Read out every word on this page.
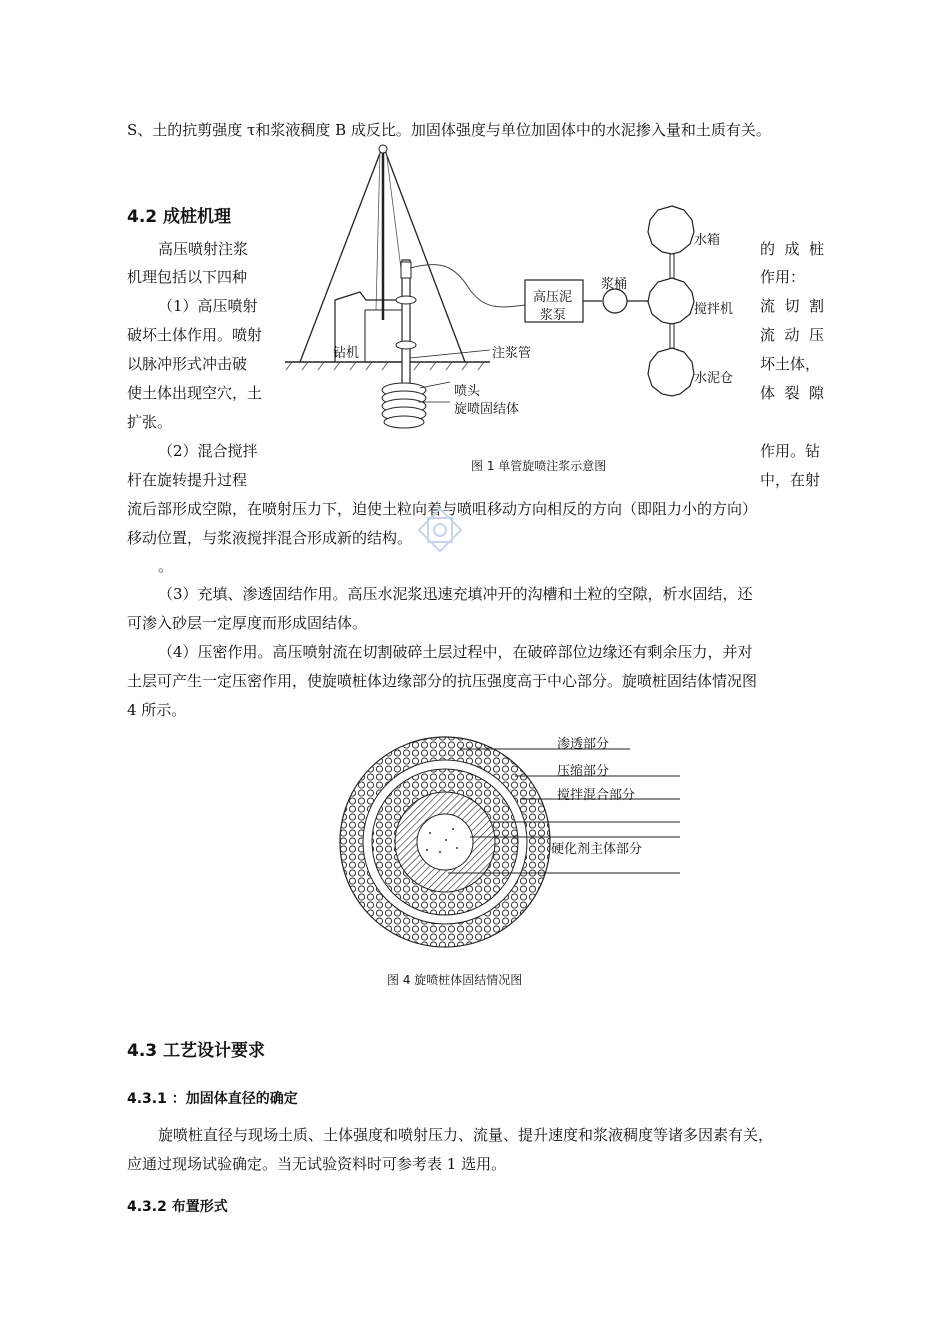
S、土的抗剪强度 τ和浆液稠度 B 成反比。加固体强度与单位加固体中的水泥掺入量和土质有关。
4.2 成桩机理
高压喷射注浆	的 成 桩
机理包括以下四种	作用：
（1）高压喷射	流 切 割
破坏土体作用。喷射	流 动 压
以脉冲形式冲击破	坏土体，
使土体出现空穴，土	体 裂 隙
扩张。
（2）混合搅拌	作用。钻
杆在旋转提升过程	中，在射
流后部形成空隙，在喷射压力下，迫使土粒向着与喷咀移动方向相反的方向（即阻力小的方向）
移动位置，与浆液搅拌混合形成新的结构。
。
（3）充填、渗透固结作用。高压水泥浆迅速充填冲开的沟槽和土粒的空隙，析水固结，还
可渗入砂层一定厚度而形成固结体。
（4）压密作用。高压喷射流在切割破碎土层过程中，在破碎部位边缘还有剩余压力，并对
土层可产生一定压密作用，使旋喷桩体边缘部分的抗压强度高于中心部分。旋喷桩固结体情况图
4 所示。
水箱
浆桶
高压泥
浆泵	搅拌机
水泥仓
钻机	注浆管
喷头
旋喷固结体
图 1 单管旋喷注浆示意图
渗透部分
压缩部分
搅拌混合部分
硬化剂主体部分
图 4 旋喷桩体固结情况图
4.3 工艺设计要求
4.3.1 ：加固体直径的确定
旋喷桩直径与现场土质、土体强度和喷射压力、流量、提升速度和浆液稠度等诸多因素有关，
应通过现场试验确定。当无试验资料时可参考表 1 选用。
4.3.2 布置形式
